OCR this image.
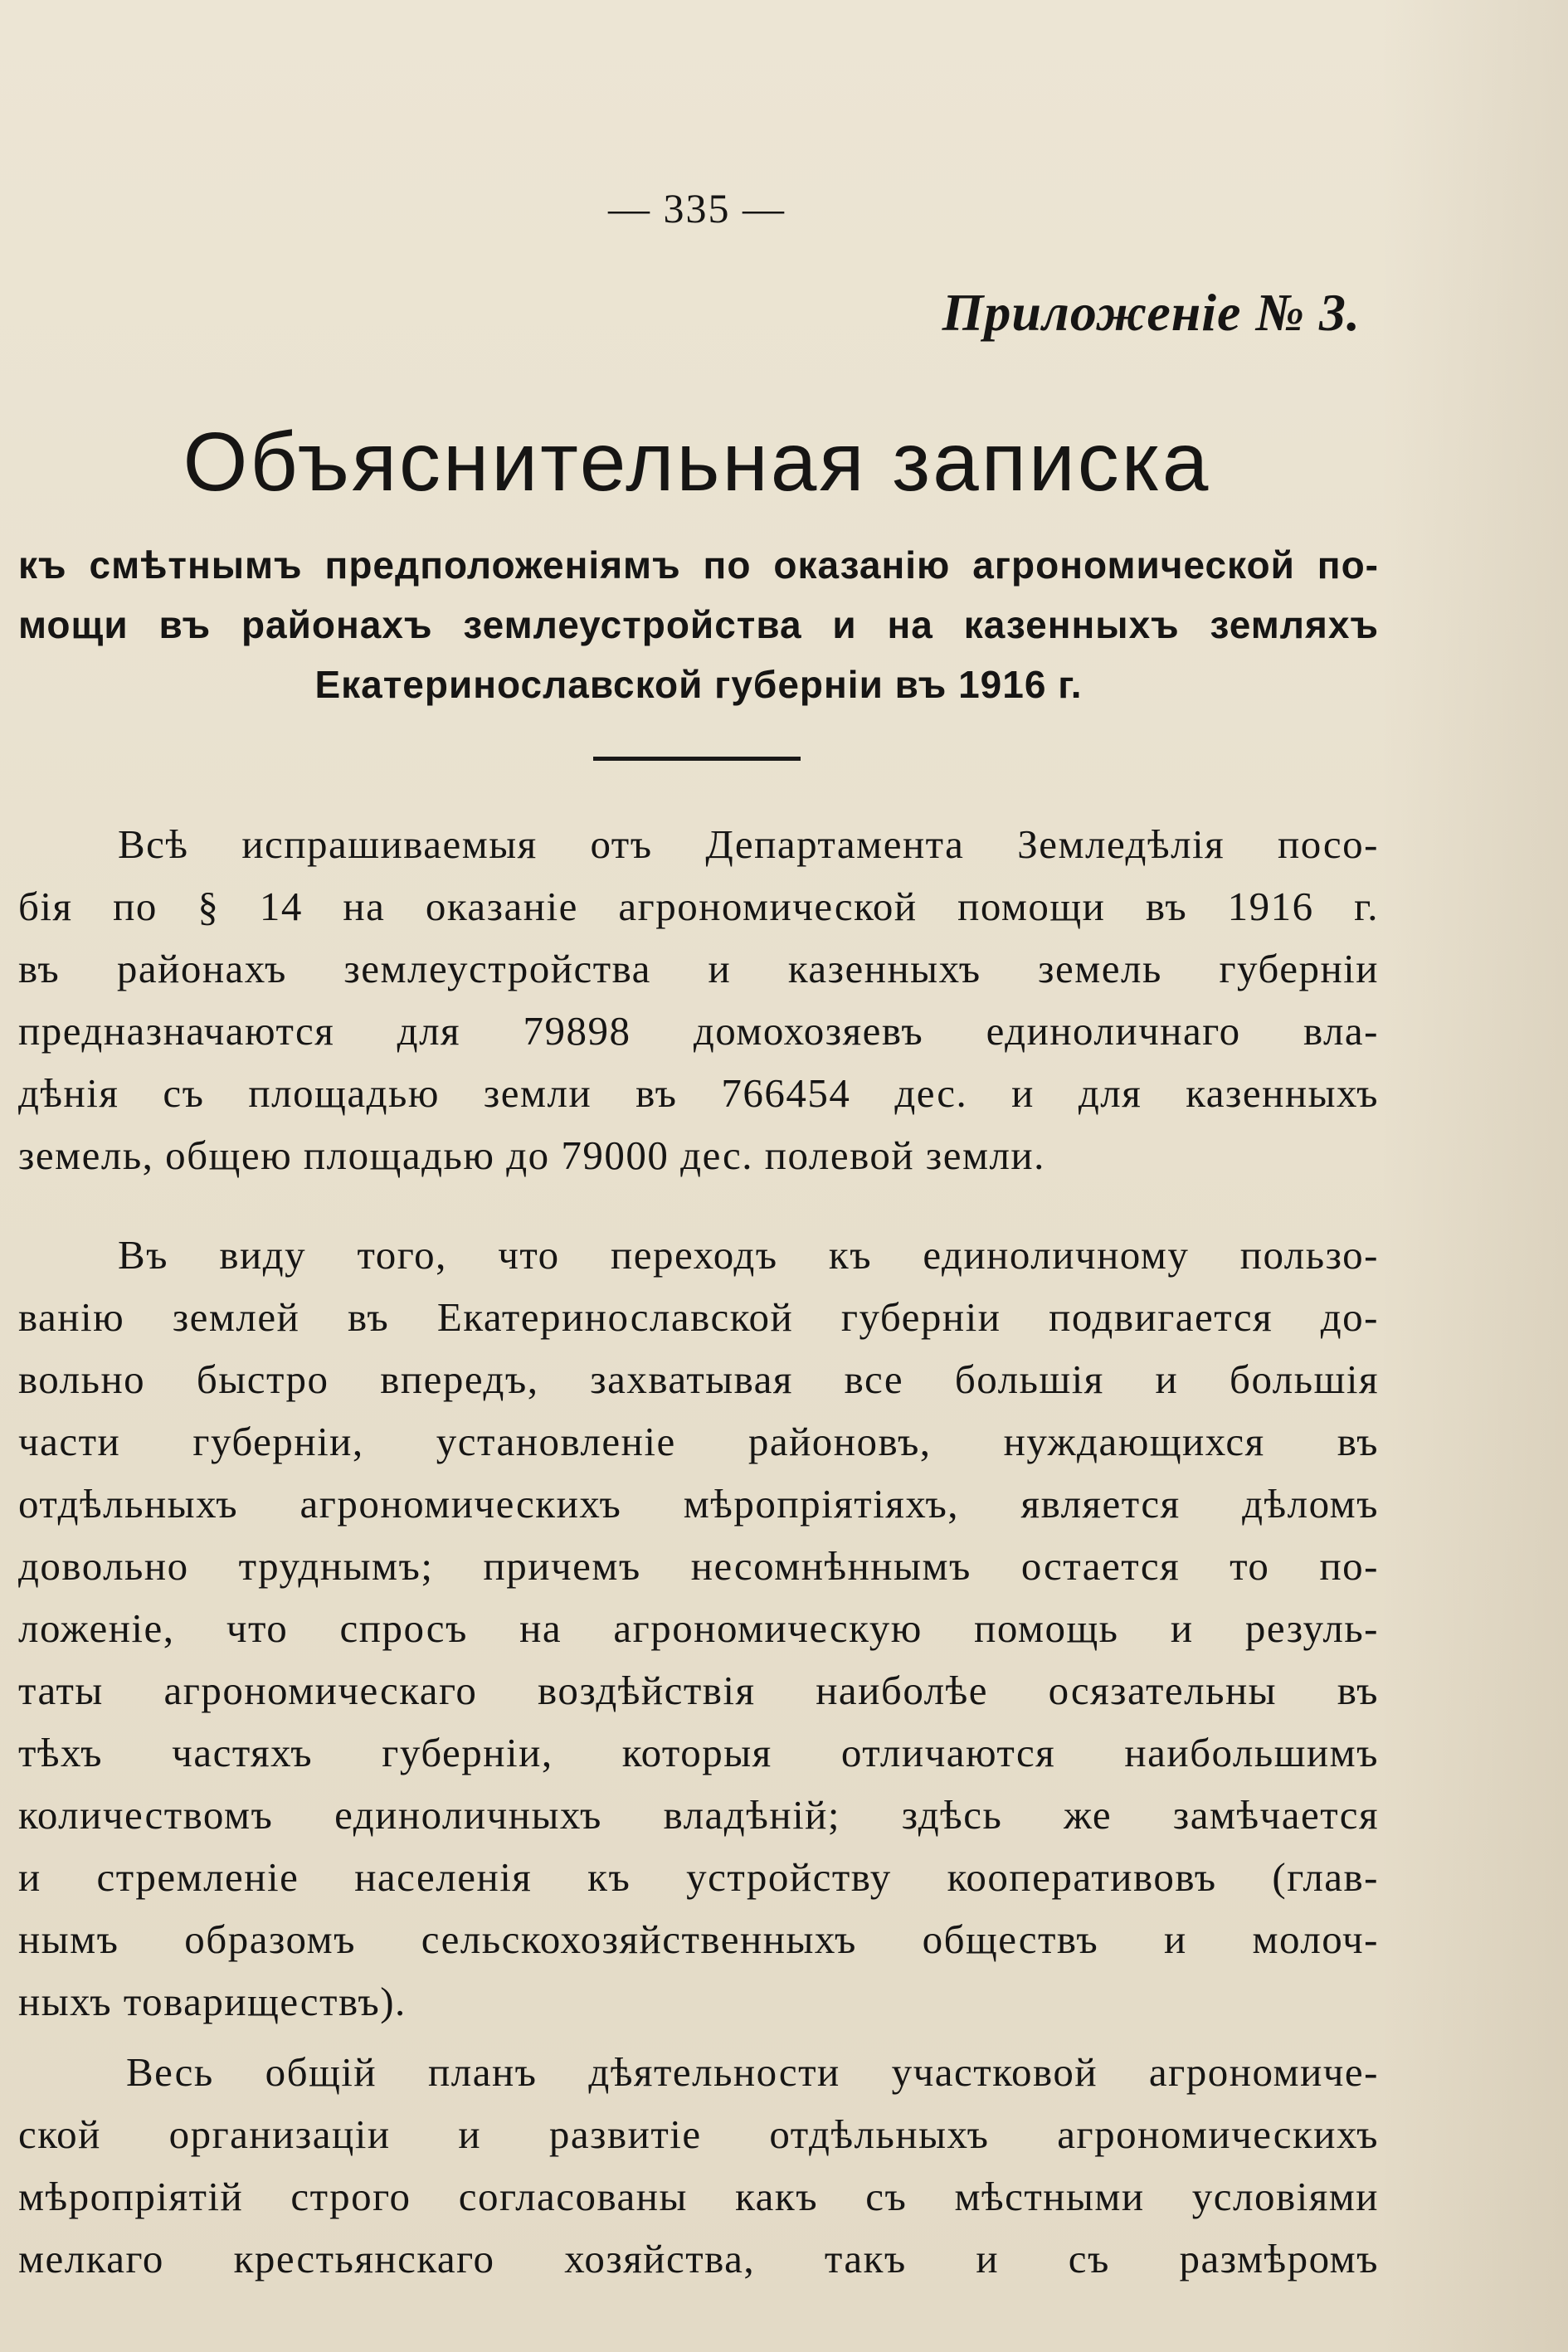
— 335 —
Приложенiе № 3.
Объяснительная записка
къ смѣтнымъ предположенiямъ по оказанiю агрономической по-
мощи въ районахъ землеустройства и на казенныхъ земляхъ
Екатеринославской губернiи въ 1916 г.
Всѣ испрашиваемыя отъ Департамента Земледѣлiя посо-
бiя по § 14 на оказанiе агрономической помощи въ 1916 г.
въ районахъ землеустройства и казенныхъ земель губернiи
предназначаются для 79898 домохозяевъ единоличнаго вла-
дѣнiя съ площадью земли въ 766454 дес. и для казенныхъ
земель, общею площадью до 79000 дес. полевой земли.
Въ виду того, что переходъ къ единоличному пользо-
ванiю землей въ Екатеринославской губернiи подвигается до-
вольно быстро впередъ, захватывая все большiя и большiя
части губернiи, установленiе районовъ, нуждающихся въ
отдѣльныхъ агрономическихъ мѣропрiятiяхъ, является дѣломъ
довольно труднымъ; причемъ несомнѣннымъ остается то по-
ложенiе, что спросъ на агрономическую помощь и резуль-
таты агрономическаго воздѣйствiя наиболѣе осязательны въ
тѣхъ частяхъ губернiи, которыя отличаются наибольшимъ
количествомъ единоличныхъ владѣнiй; здѣсь же замѣчается
и стремленiе населенiя къ устройству кооперативовъ (глав-
нымъ образомъ сельскохозяйственныхъ обществъ и молоч-
ныхъ товариществъ).
Весь общiй планъ дѣятельности участковой агрономиче-
ской организацiи и развитiе отдѣльныхъ агрономическихъ
мѣропрiятiй строго согласованы какъ съ мѣстными условiями
мелкаго крестьянскаго хозяйства, такъ и съ размѣромъ
